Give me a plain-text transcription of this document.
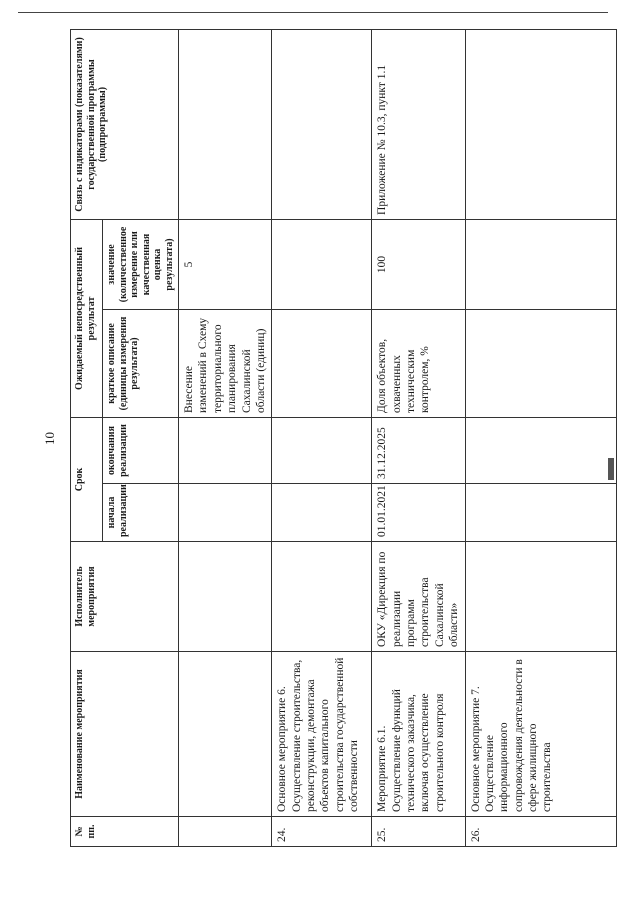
10
№ пп.	Наименование мероприятия	Исполнитель мероприятия	Срок		Ожидаемый непосредственный результат		Связь с индикаторами (показателями) государственной программы (подпрограммы)
			начала реализации	окончания реализации	краткое описание (единицы измерения результата)	значение (количественное измерение или качественная оценка результата)	
					Внесение изменений в Схему территориального планирования Сахалинской области (единиц)	5	
24.	Основное мероприятие 6. Осуществление строительства, реконструкции, демонтажа объектов капитального строительства государственной собственности						
25.	Мероприятие 6.1. Осуществление функций технического заказчика, включая осуществление строительного контроля	ОКУ «Дирекция по реализации программ строительства Сахалинской области»	01.01.2021	31.12.2025	Доля объектов, охваченных техническим контролем, %	100	Приложение № 10.3, пункт 1.1
26.	Основное мероприятие 7. Осуществление информационного сопровождения деятельности в сфере жилищного строительства						
